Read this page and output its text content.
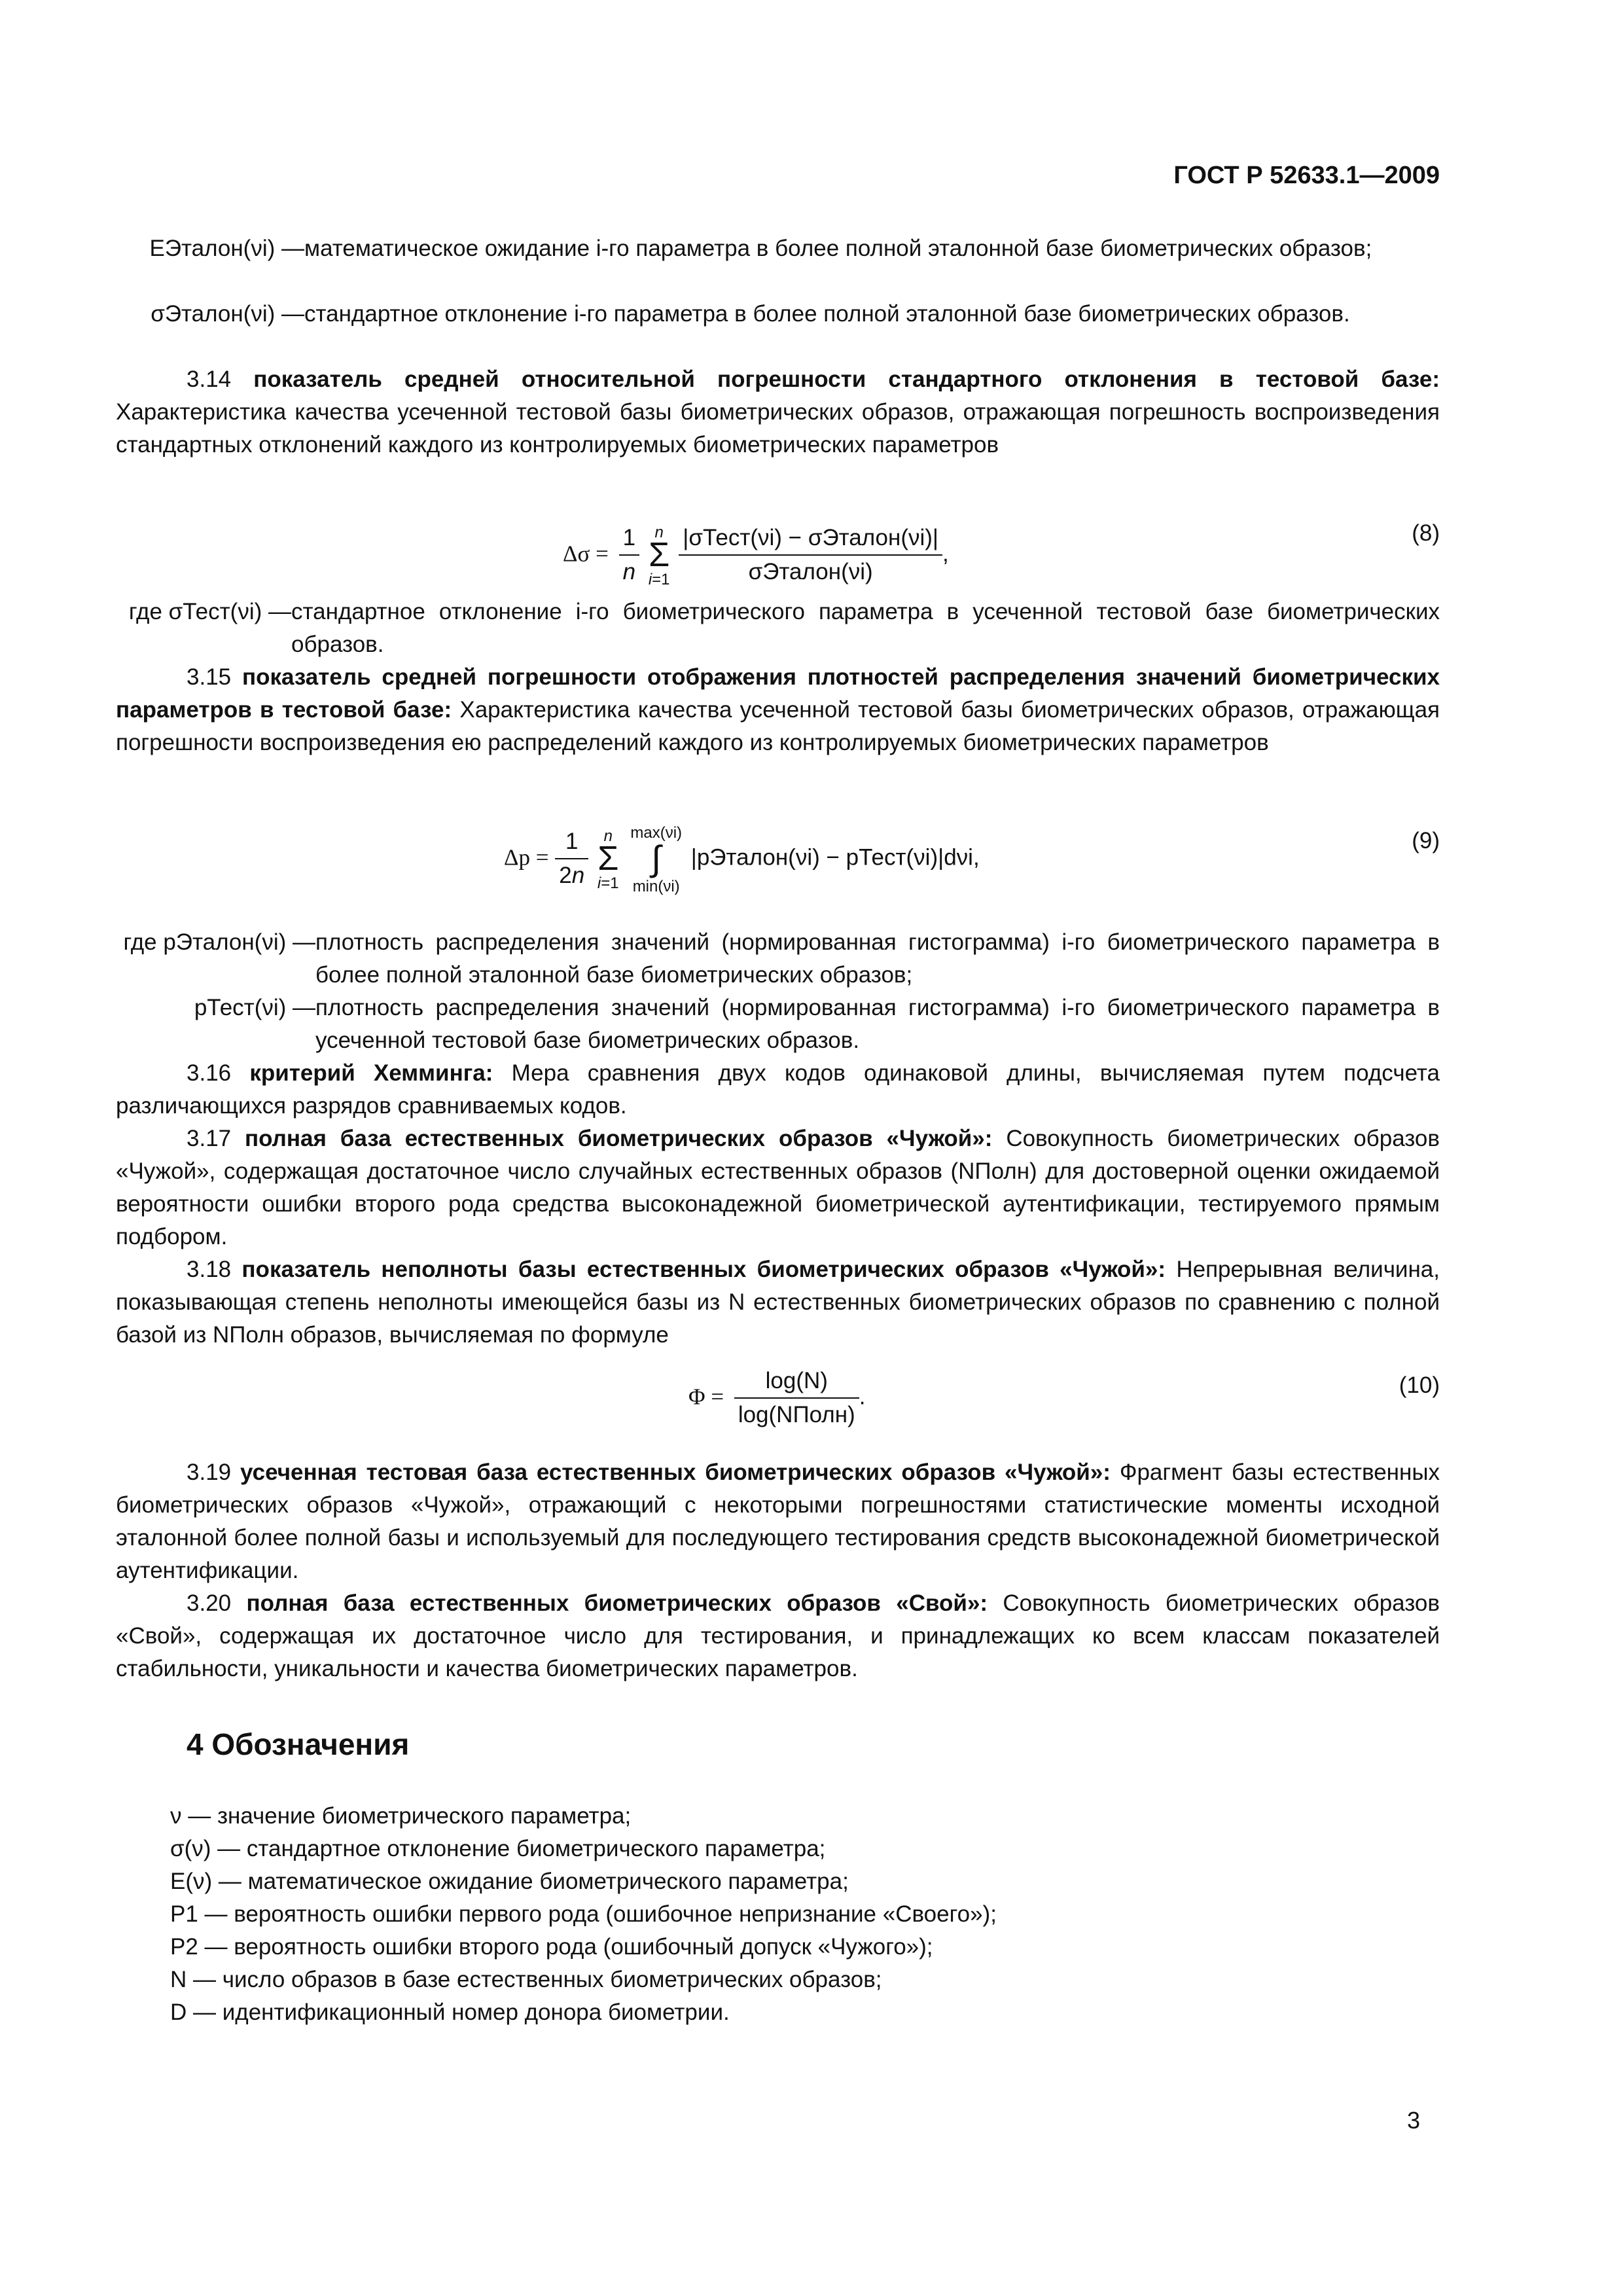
ГОСТ Р 52633.1—2009
EЭталон(νi) — математическое ожидание i-го параметра в более полной эталонной базе биометрических образов;
σЭталон(νi) — стандартное отклонение i-го параметра в более полной эталонной базе биометрических образов.
3.14 показатель средней относительной погрешности стандартного отклонения в тестовой базе: Характеристика качества усеченной тестовой базы биометрических образов, отражающая погрешность воспроизведения стандартных отклонений каждого из контролируемых биометрических параметров
$\Delta\sigma = \frac{1}{n}$ n
Σ
$i=1 \frac{\text{|σТест(νi) − σЭталон(νi)|}}{\text{σЭталон(νi)}}$ ,
(8)
где σТест(νi) — стандартное отклонение i-го биометрического параметра в усеченной тестовой базе биометрических образов.
3.15 показатель средней погрешности отображения плотностей распределения значений биометрических параметров в тестовой базе: Характеристика качества усеченной тестовой базы биометрических образов, отражающая погрешности воспроизведения ею распределений каждого из контролируемых биометрических параметров
$\Delta p = \frac{1}{2n}$ n
Σ
i=1 max(νi)
∫
min(νi) |pЭталон(νi) − pТест(νi)|dνi,
(9)
где pЭталон(νi) — плотность распределения значений (нормированная гистограмма) i-го биометрического параметра в более полной эталонной базе биометрических образов;
pТест(νi) — плотность распределения значений (нормированная гистограмма) i-го биометрического параметра в усеченной тестовой базе биометрических образов.
3.16 критерий Хемминга: Мера сравнения двух кодов одинаковой длины, вычисляемая путем подсчета различающихся разрядов сравниваемых кодов.
3.17 полная база естественных биометрических образов «Чужой»: Совокупность биометрических образов «Чужой», содержащая достаточное число случайных естественных образов (NПолн) для достоверной оценки ожидаемой вероятности ошибки второго рода средства высоконадежной биометрической аутентификации, тестируемого прямым подбором.
3.18 показатель неполноты базы естественных биометрических образов «Чужой»: Непрерывная величина, показывающая степень неполноты имеющейся базы из N естественных биометрических образов по сравнению с полной базой из NПолн образов, вычисляемая по формуле
$\Phi = \frac{\log(N)}{\text{log(NПолн)}}$ .	(10)
3.19 усеченная тестовая база естественных биометрических образов «Чужой»: Фрагмент базы естественных биометрических образов «Чужой», отражающий с некоторыми погрешностями статистические моменты исходной эталонной более полной базы и используемый для последующего тестирования средств высоконадежной биометрической аутентификации.
3.20 полная база естественных биометрических образов «Свой»: Совокупность биометрических образов «Свой», содержащая их достаточное число для тестирования, и принадлежащих ко всем классам показателей стабильности, уникальности и качества биометрических параметров.
4 Обозначения
ν — значение биометрического параметра;
σ(ν) — стандартное отклонение биометрического параметра;
E(ν) — математическое ожидание биометрического параметра;
P1 — вероятность ошибки первого рода (ошибочное непризнание «Своего»);
P2 — вероятность ошибки второго рода (ошибочный допуск «Чужого»);
N — число образов в базе естественных биометрических образов;
D — идентификационный номер донора биометрии.
3
